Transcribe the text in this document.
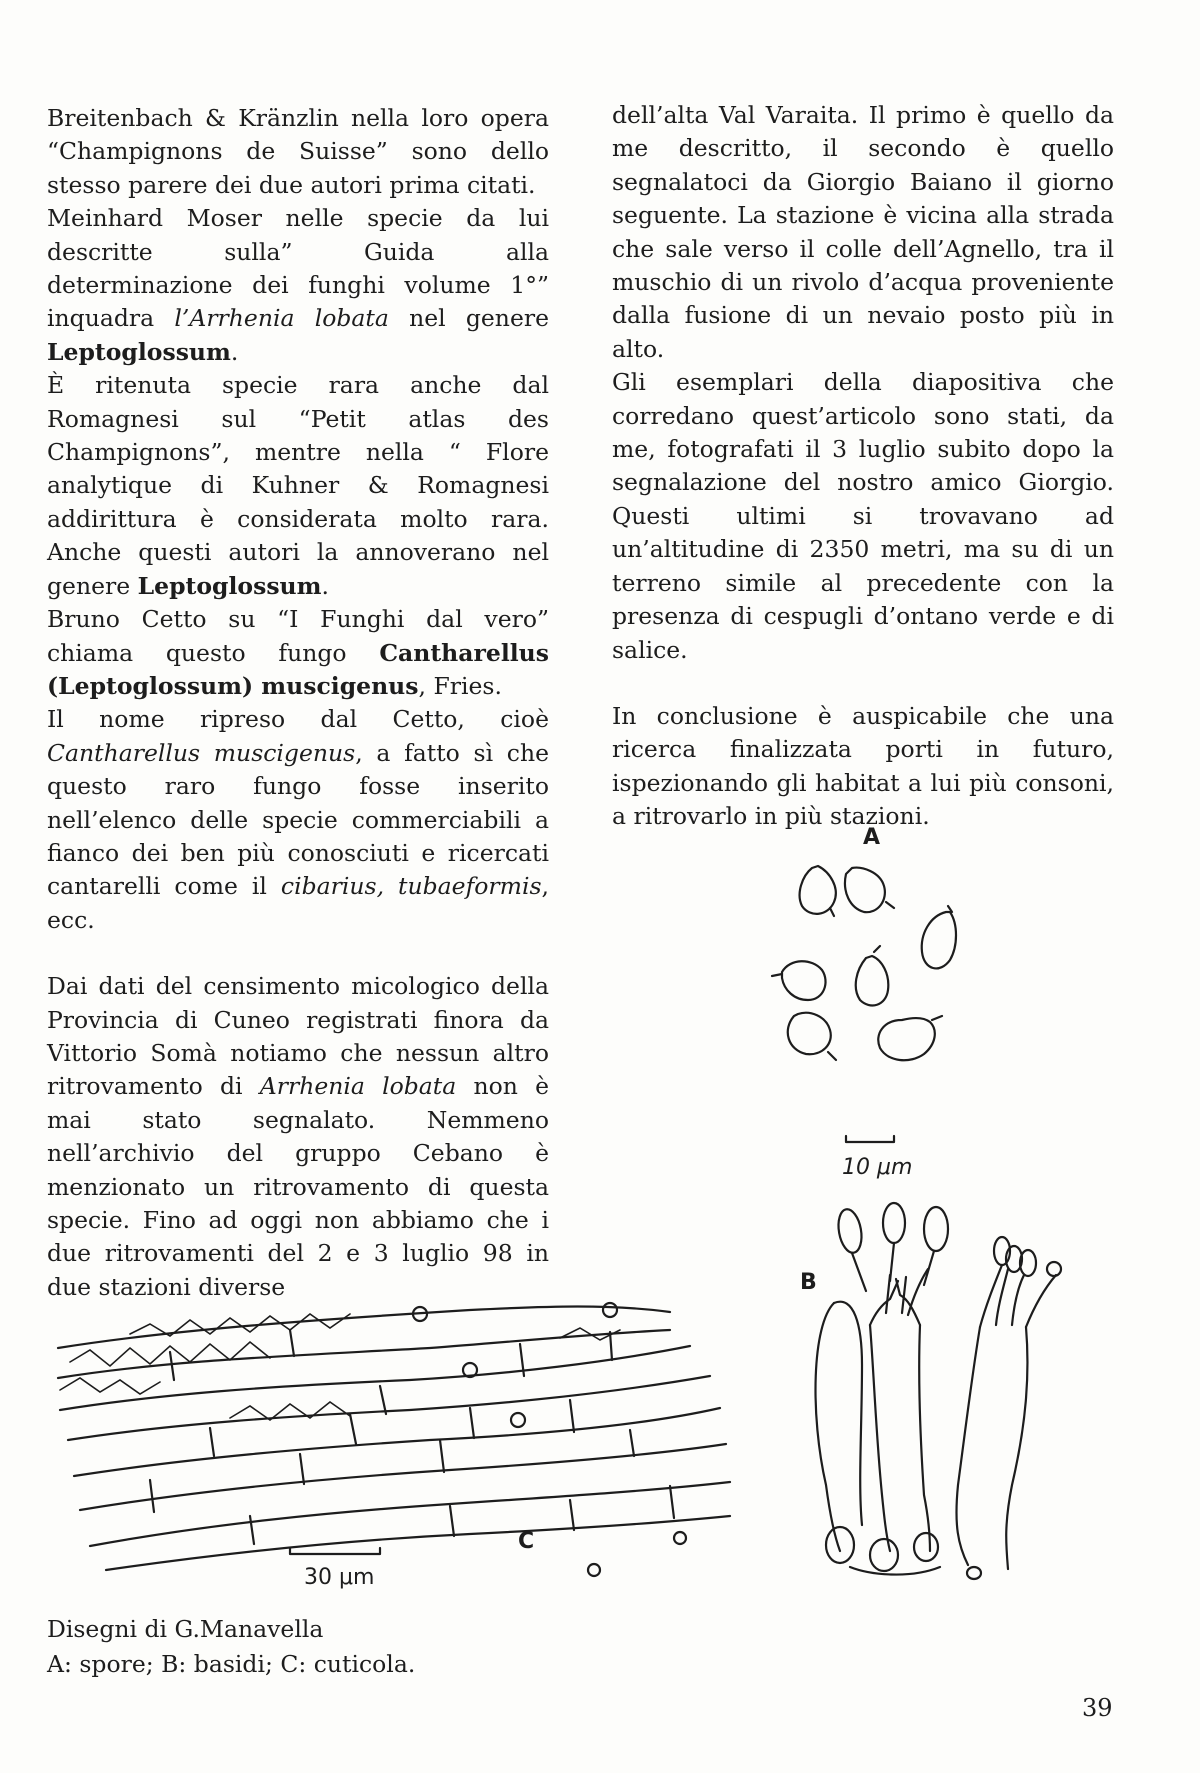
Breitenbach & Kränzlin nella loro opera “Champignons de Suisse” sono dello stesso parere dei due autori prima citati.

Meinhard Moser nelle specie da lui descritte sulla” Guida alla determinazione dei funghi volume 1°” inquadra l’Arrhenia lobata nel genere Leptoglossum.

È ritenuta specie rara anche dal Romagnesi sul “Petit atlas des Champignons”, mentre nella “ Flore analytique di Kuhner & Romagnesi addirittura è considerata molto rara. Anche questi autori la annoverano nel genere Leptoglossum.

Bruno Cetto su “I Funghi dal vero” chiama questo fungo Cantharellus (Leptoglossum) muscigenus, Fries.

Il nome ripreso dal Cetto, cioè Cantharellus muscigenus, a fatto sì che questo raro fungo fosse inserito nell’elenco delle specie commerciabili a fianco dei ben più conosciuti e ricercati cantarelli come il cibarius, tubaeformis, ecc.

Dai dati del censimento micologico della Provincia di Cuneo registrati finora da Vittorio Somà notiamo che nessun altro ritrovamento di Arrhenia lobata non è mai stato segnalato. Nemmeno nell’archivio del gruppo Cebano è menzionato un ritrovamento di questa specie. Fino ad oggi non abbiamo che i due ritrovamenti del 2 e 3 luglio 98 in due stazioni diverse

dell’alta Val Varaita. Il primo è quello da me descritto, il secondo è quello segnalatoci da Giorgio Baiano il giorno seguente. La stazione è vicina alla strada che sale verso il colle dell’Agnello, tra il muschio di un rivolo d’acqua proveniente dalla fusione di un nevaio posto più in alto.

Gli esemplari della diapositiva che corredano quest’articolo sono stati, da me, fotografati il 3 luglio subito dopo la segnalazione del nostro amico Giorgio. Questi ultimi si trovavano ad un’altitudine di 2350 metri, ma su di un terreno simile al precedente con la presenza di cespugli d’ontano verde e di salice.

In conclusione è auspicabile che una ricerca finalizzata porti in futuro, ispezionando gli habitat a lui più consoni, a ritrovarlo in più stazioni.

A
10 μm
B
C
30 μm
Disegni di G.Manavella
A: spore; B: basidi; C: cuticola.
39
